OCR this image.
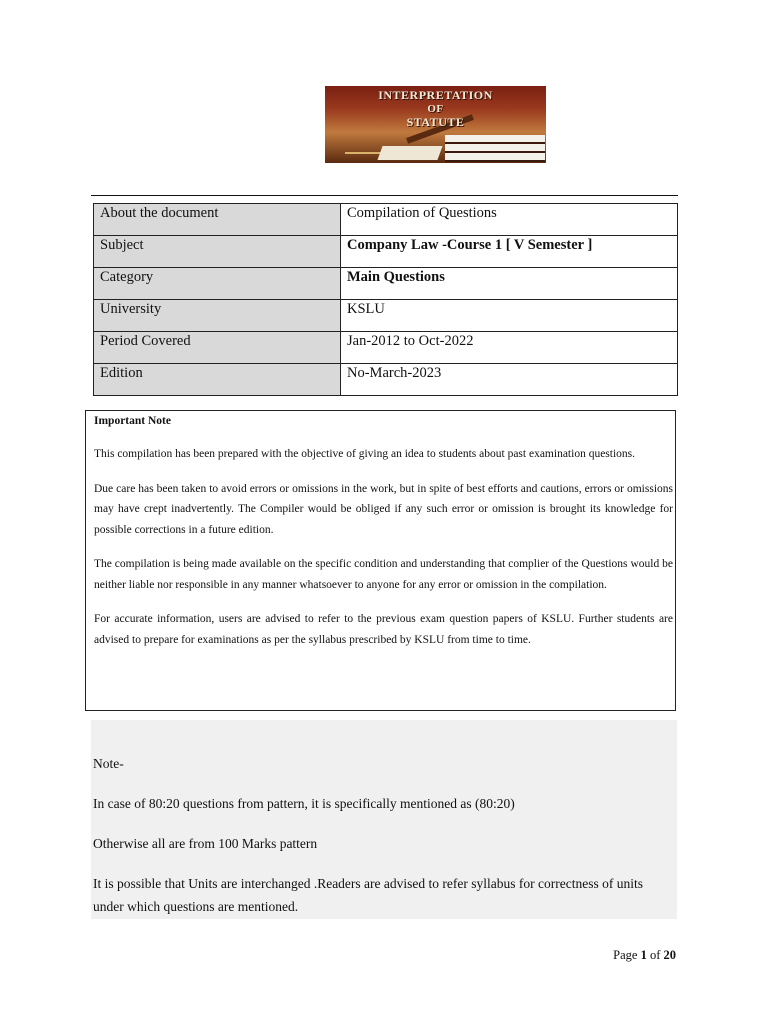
INTERPRETATION
OF
STATUTE
About the document	Compilation of Questions
Subject	Company Law -Course 1 [ V Semester ]
Category	Main Questions
University	KSLU
Period Covered	Jan-2012 to Oct-2022
Edition	No-March-2023
Important Note

This compilation has been prepared with the objective of giving an idea to students about past examination questions.

Due care has been taken to avoid errors or omissions in the work, but in spite of best efforts and cautions, errors or omissions may have crept inadvertently. The Compiler would be obliged if any such error or omission is brought its knowledge for possible corrections in a future edition.

The compilation is being made available on the specific condition and understanding that complier of the Questions would be neither liable nor responsible in any manner whatsoever to anyone for any error or omission in the compilation.

For accurate information, users are advised to refer to the previous exam question papers of KSLU. Further students are advised to prepare for examinations as per the syllabus prescribed by KSLU from time to time.

Note-

In case of 80:20 questions from pattern, it is specifically mentioned as (80:20)

Otherwise all are from 100 Marks pattern

It is possible that Units are interchanged .Readers are advised to refer syllabus for correctness of units under which questions are mentioned.

Page 1 of 20
